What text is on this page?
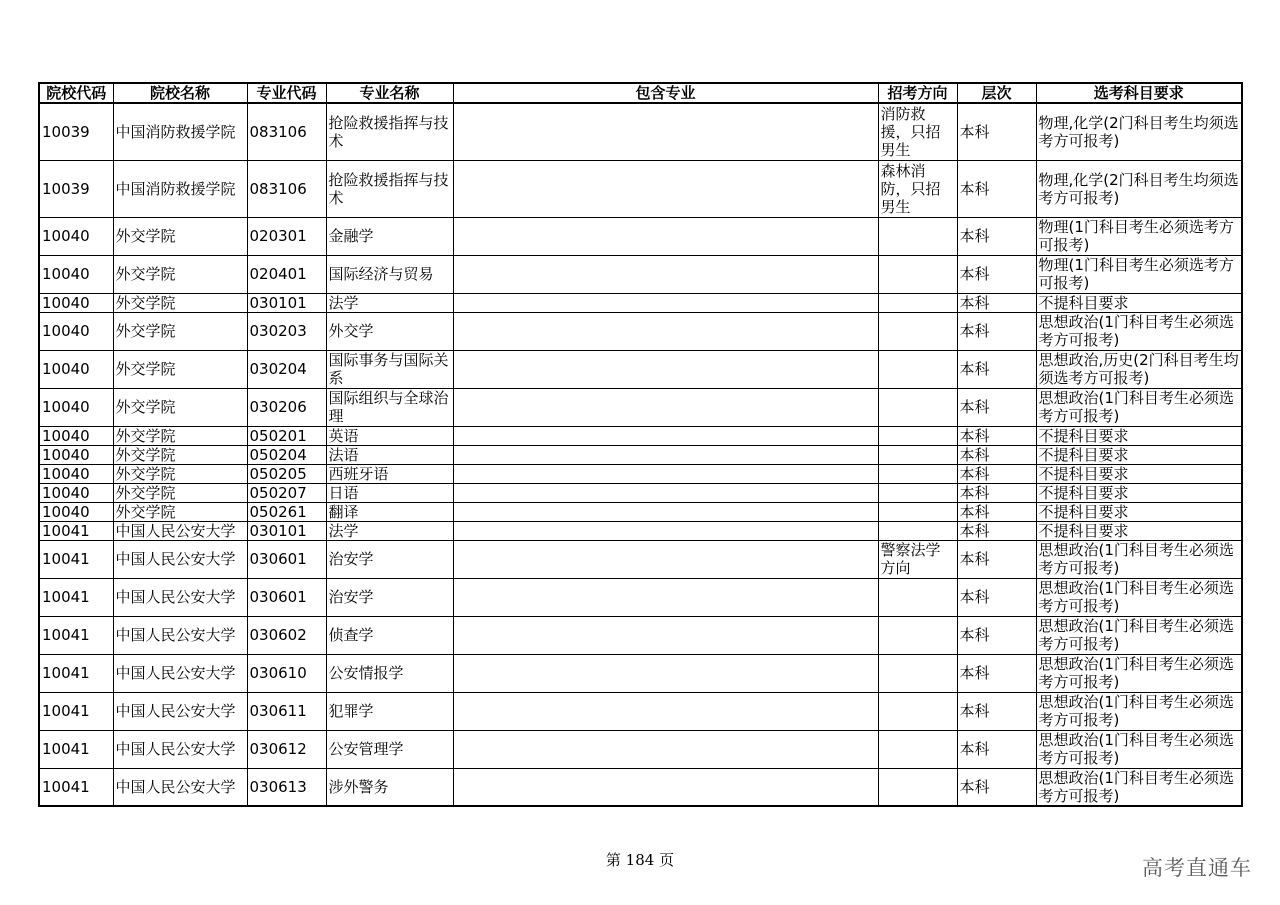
院校代码	院校名称	专业代码	专业名称	包含专业	招考方向	层次	选考科目要求
10039	中国消防救援学院	083106	抢险救援指挥与技术		消防救援，只招男生	本科	物理,化学(2门科目考生均须选考方可报考)
10039	中国消防救援学院	083106	抢险救援指挥与技术		森林消防，只招男生	本科	物理,化学(2门科目考生均须选考方可报考)
10040	外交学院	020301	金融学			本科	物理(1门科目考生必须选考方可报考)
10040	外交学院	020401	国际经济与贸易			本科	物理(1门科目考生必须选考方可报考)
10040	外交学院	030101	法学			本科	不提科目要求
10040	外交学院	030203	外交学			本科	思想政治(1门科目考生必须选考方可报考)
10040	外交学院	030204	国际事务与国际关系			本科	思想政治,历史(2门科目考生均须选考方可报考)
10040	外交学院	030206	国际组织与全球治理			本科	思想政治(1门科目考生必须选考方可报考)
10040	外交学院	050201	英语			本科	不提科目要求
10040	外交学院	050204	法语			本科	不提科目要求
10040	外交学院	050205	西班牙语			本科	不提科目要求
10040	外交学院	050207	日语			本科	不提科目要求
10040	外交学院	050261	翻译			本科	不提科目要求
10041	中国人民公安大学	030101	法学			本科	不提科目要求
10041	中国人民公安大学	030601	治安学		警察法学方向	本科	思想政治(1门科目考生必须选考方可报考)
10041	中国人民公安大学	030601	治安学			本科	思想政治(1门科目考生必须选考方可报考)
10041	中国人民公安大学	030602	侦查学			本科	思想政治(1门科目考生必须选考方可报考)
10041	中国人民公安大学	030610	公安情报学			本科	思想政治(1门科目考生必须选考方可报考)
10041	中国人民公安大学	030611	犯罪学			本科	思想政治(1门科目考生必须选考方可报考)
10041	中国人民公安大学	030612	公安管理学			本科	思想政治(1门科目考生必须选考方可报考)
10041	中国人民公安大学	030613	涉外警务			本科	思想政治(1门科目考生必须选考方可报考)
第 184 页	高考直通车
